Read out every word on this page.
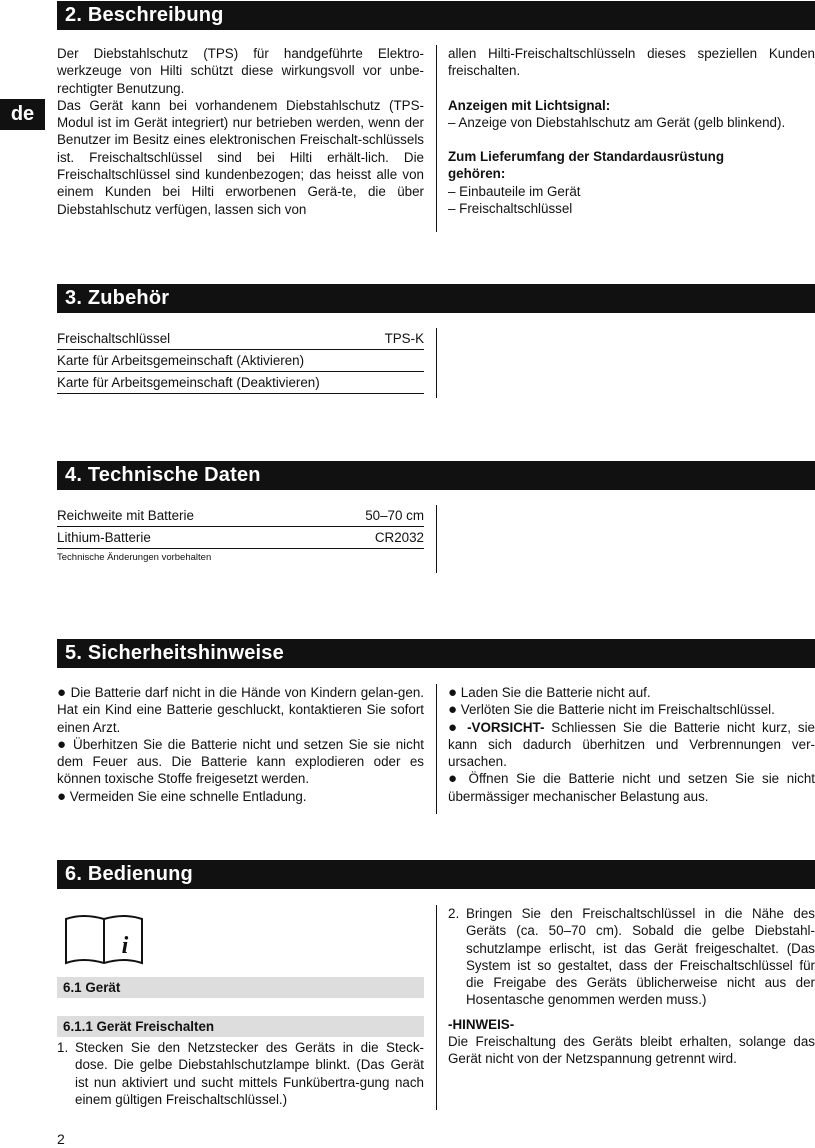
de
2. Beschreibung

Der Diebstahlschutz (TPS) für handgeführte Elektro-werkzeuge von Hilti schützt diese wirkungsvoll vor unbe-rechtigter Benutzung.

Das Gerät kann bei vorhandenem Diebstahlschutz (TPS-Modul ist im Gerät integriert) nur betrieben werden, wenn der Benutzer im Besitz eines elektronischen Freischalt-schlüssels ist. Freischaltschlüssel sind bei Hilti erhält-lich. Die Freischaltschlüssel sind kundenbezogen; das heisst alle von einem Kunden bei Hilti erworbenen Gerä-te, die über Diebstahlschutz verfügen, lassen sich von

allen Hilti-Freischaltschlüsseln dieses speziellen Kunden freischalten.

Anzeigen mit Lichtsignal:
– Anzeige von Diebstahlschutz am Gerät (gelb blinkend).
Zum Lieferumfang der Standardausrüstung gehören:
– Einbauteile im Gerät
– Freischaltschlüssel
3. Zubehör
Freischaltschlüssel	TPS-K
Karte für Arbeitsgemeinschaft (Aktivieren)
Karte für Arbeitsgemeinschaft (Deaktivieren)
4. Technische Daten
Reichweite mit Batterie	50–70 cm
Lithium-Batterie	CR2032
Technische Änderungen vorbehalten
5. Sicherheitshinweise

● Die Batterie darf nicht in die Hände von Kindern gelan-gen. Hat ein Kind eine Batterie geschluckt, kontaktieren Sie sofort einen Arzt.

● Überhitzen Sie die Batterie nicht und setzen Sie sie nicht dem Feuer aus. Die Batterie kann explodieren oder es können toxische Stoffe freigesetzt werden.

● Vermeiden Sie eine schnelle Entladung.

● Laden Sie die Batterie nicht auf.

● Verlöten Sie die Batterie nicht im Freischaltschlüssel.

● -VORSICHT- Schliessen Sie die Batterie nicht kurz, sie kann sich dadurch überhitzen und Verbrennungen ver-ursachen.

● Öffnen Sie die Batterie nicht und setzen Sie sie nicht übermässiger mechanischer Belastung aus.

6. Bedienung
i
6.1 Gerät
6.1.1 Gerät Freischalten
1. Stecken Sie den Netzstecker des Geräts in die Steck-dose. Die gelbe Diebstahlschutzlampe blinkt. (Das Gerät ist nun aktiviert und sucht mittels Funkübertra-gung nach einem gültigen Freischaltschlüssel.)
2. Bringen Sie den Freischaltschlüssel in die Nähe des Geräts (ca. 50–70 cm). Sobald die gelbe Diebstahl-schutzlampe erlischt, ist das Gerät freigeschaltet. (Das System ist so gestaltet, dass der Freischaltschlüssel für die Freigabe des Geräts üblicherweise nicht aus der Hosentasche genommen werden muss.)
-HINWEIS-

Die Freischaltung des Geräts bleibt erhalten, solange das Gerät nicht von der Netzspannung getrennt wird.

2
